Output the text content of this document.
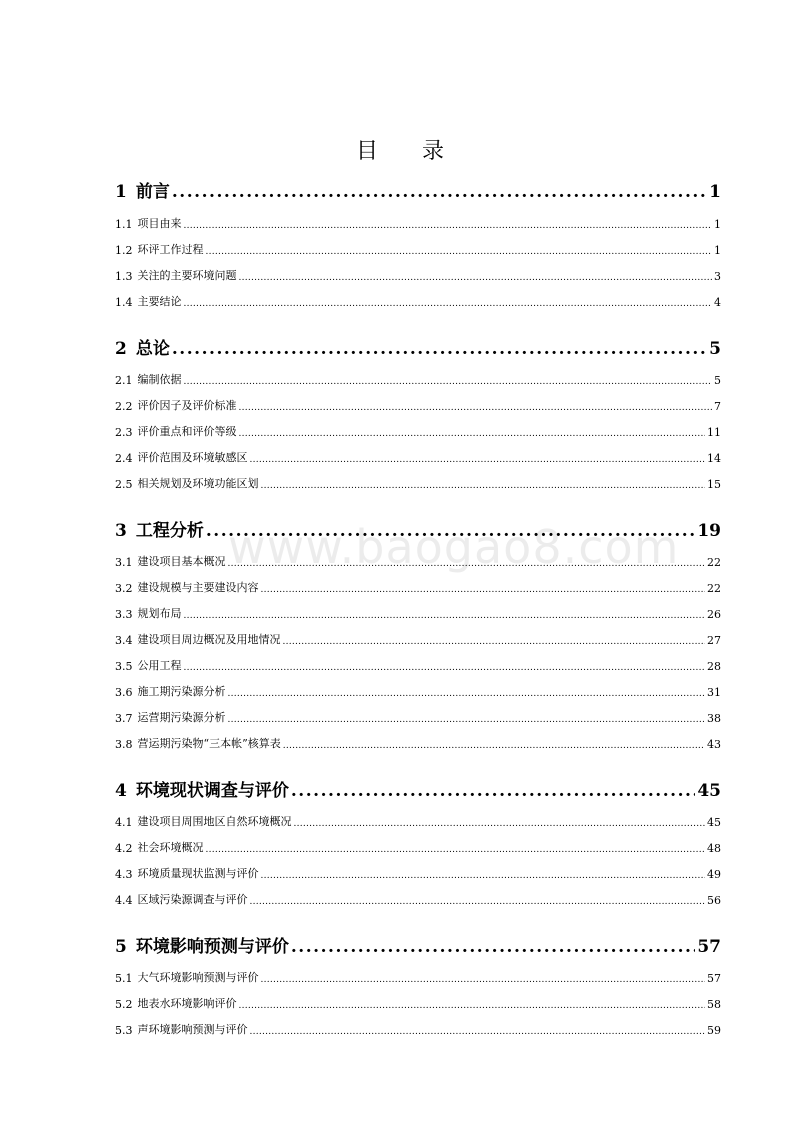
目 录
www.baogao8.com
1 前言 . . .	1
1.1 项目由来 . . .	1
1.2 环评工作过程 . . .	1
1.3 关注的主要环境问题 . . .	3
1.4 主要结论 . . .	4
2 总论 . . .	5
2.1 编制依据 . . .	5
2.2 评价因子及评价标准 . . .	7
2.3 评价重点和评价等级 . . .	11
2.4 评价范围及环境敏感区 . . .	14
2.5 相关规划及环境功能区划 . . .	15
3 工程分析 . . .	19
3.1 建设项目基本概况 . . .	22
3.2 建设规模与主要建设内容 . . .	22
3.3 规划布局 . . .	26
3.4 建设项目周边概况及用地情况 . . .	27
3.5 公用工程 . . .	28
3.6 施工期污染源分析 . . .	31
3.7 运营期污染源分析 . . .	38
3.8 营运期污染物“三本帐”核算表 . . .	43
4 环境现状调查与评价 . . .	45
4.1 建设项目周围地区自然环境概况 . . .	45
4.2 社会环境概况 . . .	48
4.3 环境质量现状监测与评价 . . .	49
4.4 区域污染源调查与评价 . . .	56
5 环境影响预测与评价 . . .	57
5.1 大气环境影响预测与评价 . . .	57
5.2 地表水环境影响评价 . . .	58
5.3 声环境影响预测与评价 . . .	59
